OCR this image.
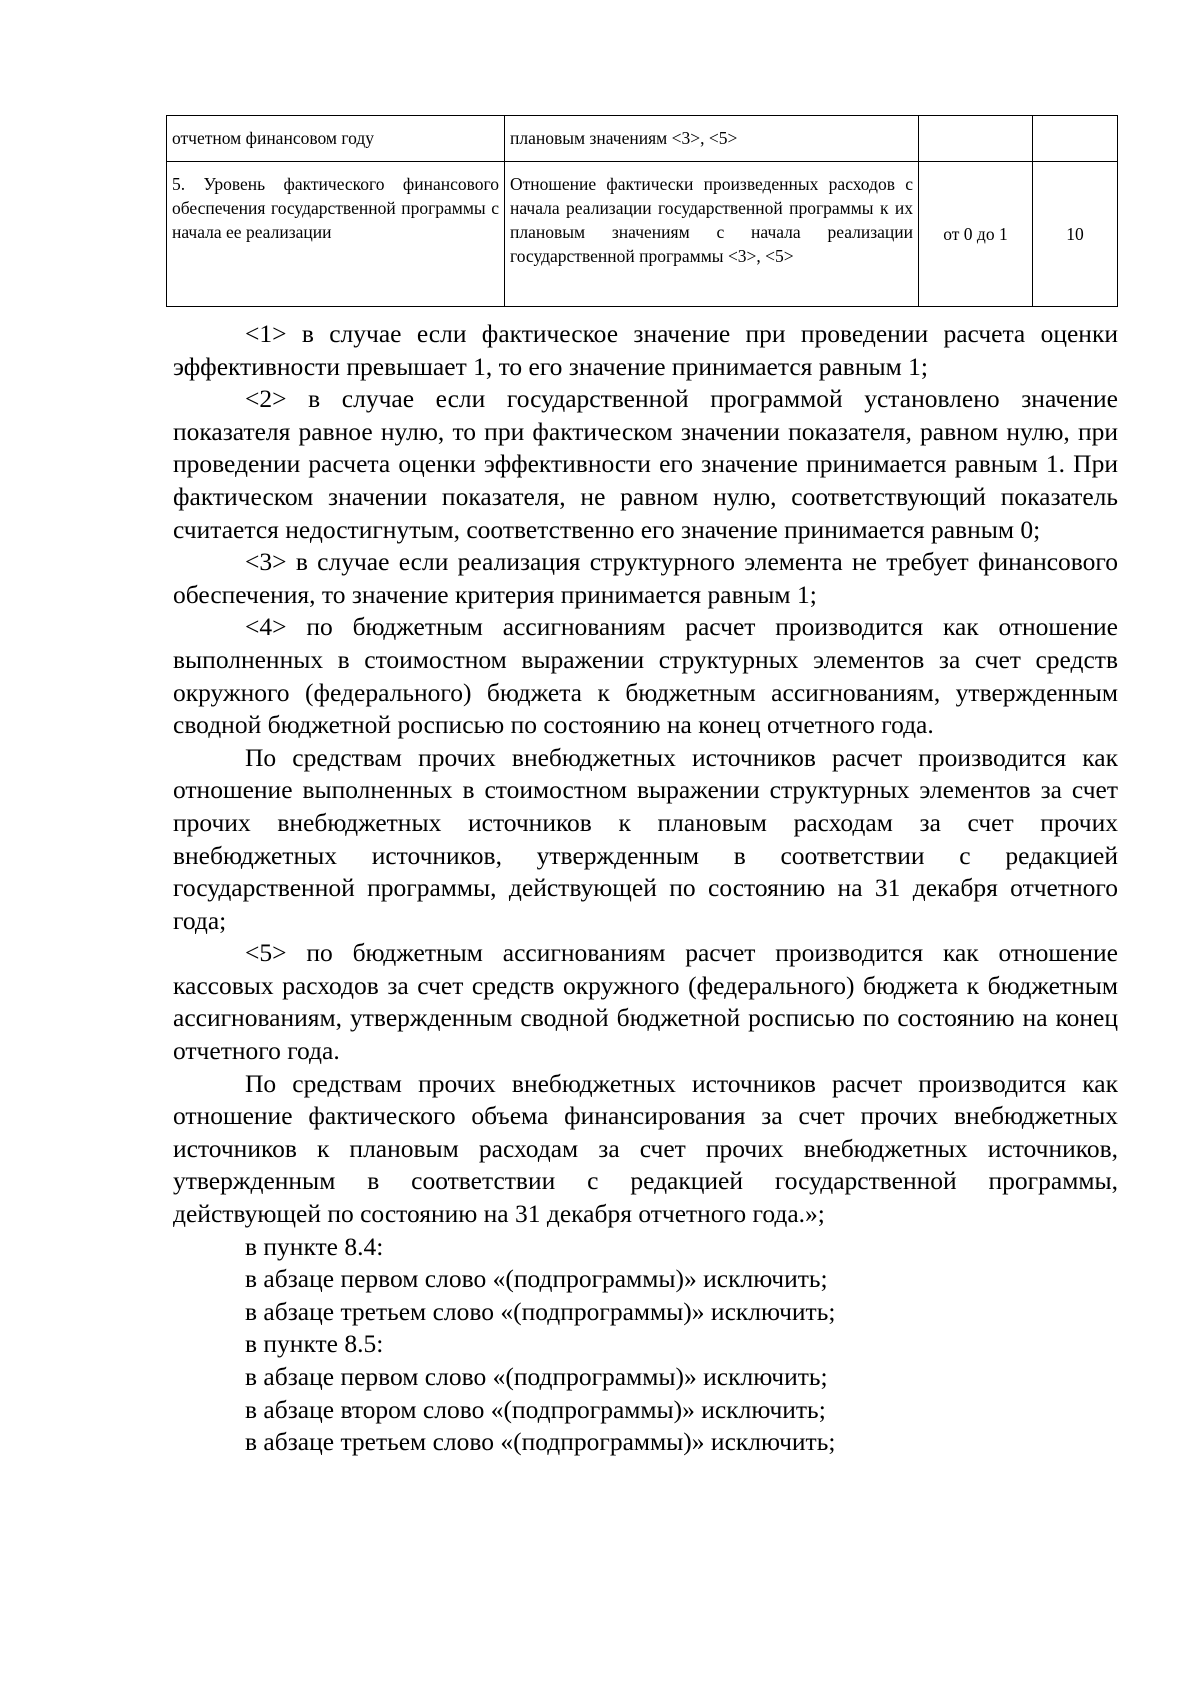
отчетном финансовом году	плановым значениям <3>, <5>		
5. Уровень фактического финансового обеспечения государственной программы с начала ее реализации	Отношение фактически произведенных расходов с начала реализации государственной программы к их плановым значениям с начала реализации государственной программы <3>, <5>	от 0 до 1	10

<1> в случае если фактическое значение при проведении расчета оценки эффективности превышает 1, то его значение принимается равным 1;

<2> в случае если государственной программой установлено значение показателя равное нулю, то при фактическом значении показателя, равном нулю, при проведении расчета оценки эффективности его значение принимается равным 1. При фактическом значении показателя, не равном нулю, соответствующий показатель считается недостигнутым, соответственно его значение принимается равным 0;

<3> в случае если реализация структурного элемента не требует финансового обеспечения, то значение критерия принимается равным 1;

<4> по бюджетным ассигнованиям расчет производится как отношение выполненных в стоимостном выражении структурных элементов за счет средств окружного (федерального) бюджета к бюджетным ассигнованиям, утвержденным сводной бюджетной росписью по состоянию на конец отчетного года.

По средствам прочих внебюджетных источников расчет производится как отношение выполненных в стоимостном выражении структурных элементов за счет прочих внебюджетных источников к плановым расходам за счет прочих внебюджетных источников, утвержденным в соответствии с редакцией государственной программы, действующей по состоянию на 31 декабря отчетного года;

<5> по бюджетным ассигнованиям расчет производится как отношение кассовых расходов за счет средств окружного (федерального) бюджета к бюджетным ассигнованиям, утвержденным сводной бюджетной росписью по состоянию на конец отчетного года.

По средствам прочих внебюджетных источников расчет производится как отношение фактического объема финансирования за счет прочих внебюджетных источников к плановым расходам за счет прочих внебюджетных источников, утвержденным в соответствии с редакцией государственной программы, действующей по состоянию на 31 декабря отчетного года.»;

в пункте 8.4:

в абзаце первом слово «(подпрограммы)» исключить;

в абзаце третьем слово «(подпрограммы)» исключить;

в пункте 8.5:

в абзаце первом слово «(подпрограммы)» исключить;

в абзаце втором слово «(подпрограммы)» исключить;

в абзаце третьем слово «(подпрограммы)» исключить;
